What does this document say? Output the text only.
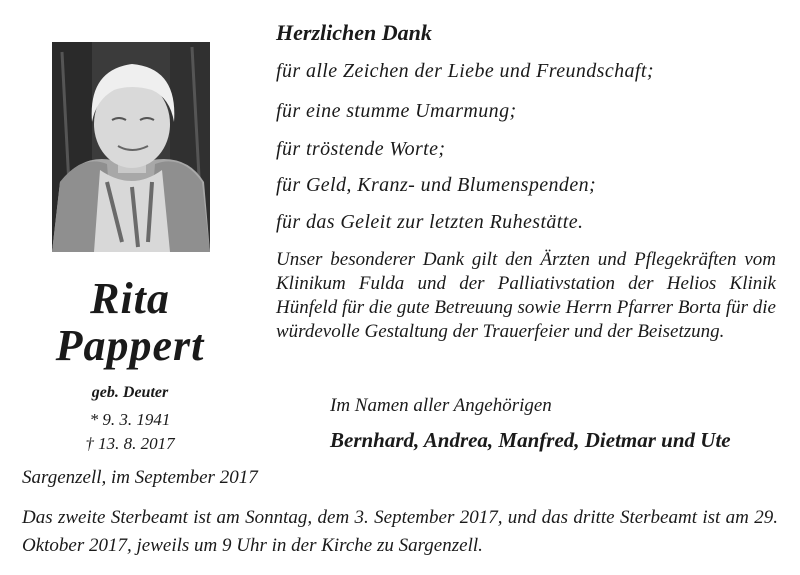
Rita
Pappert
geb. Deuter
* 9. 3. 1941
† 13. 8. 2017
Herzlichen Dank
für alle Zeichen der Liebe und Freundschaft;
für eine stumme Umarmung;
für tröstende Worte;
für Geld, Kranz- und Blumenspenden;
für das Geleit zur letzten Ruhestätte.
Unser besonderer Dank gilt den Ärzten und Pflegekräften vom Klinikum Fulda und der Palliativstation der Helios Klinik Hünfeld für die gute Betreuung sowie Herrn Pfarrer Borta für die würdevolle Gestaltung der Trauerfeier und der Beisetzung.
Im Namen aller Angehörigen
Bernhard, Andrea, Manfred, Dietmar und Ute
Sargenzell, im September 2017
Das zweite Sterbeamt ist am Sonntag, dem 3. September 2017, und das dritte Sterbeamt ist am 29. Oktober 2017, jeweils um 9 Uhr in der Kirche zu Sargenzell.
